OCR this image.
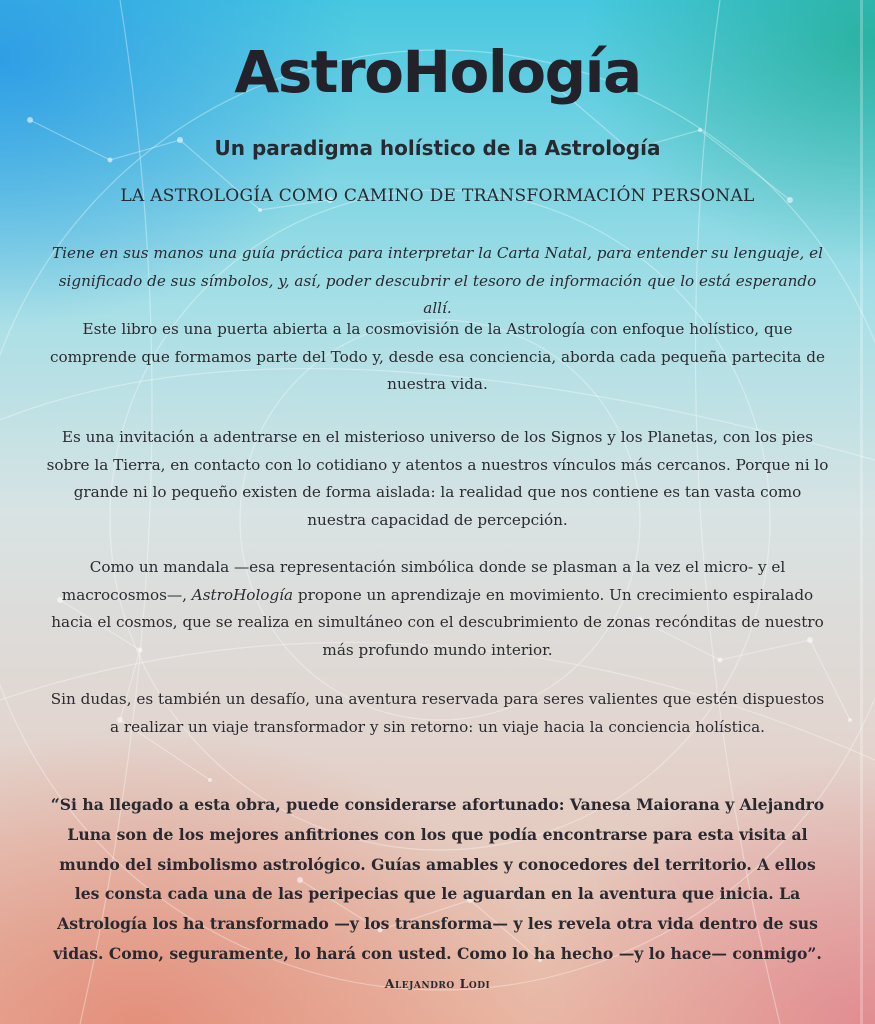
AstroHología
Un paradigma holístico de la Astrología
LA ASTROLOGÍA COMO CAMINO DE TRANSFORMACIÓN PERSONAL

Tiene en sus manos una guía práctica para interpretar la Carta Natal, para entender su lenguaje, el significado de sus símbolos, y, así, poder descubrir el tesoro de información que lo está esperando allí.

Este libro es una puerta abierta a la cosmovisión de la Astrología con enfoque holístico, que comprende que formamos parte del Todo y, desde esa conciencia, aborda cada pequeña partecita de nuestra vida.

Es una invitación a adentrarse en el misterioso universo de los Signos y los Planetas, con los pies sobre la Tierra, en contacto con lo cotidiano y atentos a nuestros vínculos más cercanos. Porque ni lo grande ni lo pequeño existen de forma aislada: la realidad que nos contiene es tan vasta como nuestra capacidad de percepción.

Como un mandala —esa representación simbólica donde se plasman a la vez el micro- y el macrocosmos—, AstroHología propone un aprendizaje en movimiento. Un crecimiento espiralado hacia el cosmos, que se realiza en simultáneo con el descubrimiento de zonas recónditas de nuestro más profundo mundo interior.

Sin dudas, es también un desafío, una aventura reservada para seres valientes que estén dispuestos a realizar un viaje transformador y sin retorno: un viaje hacia la conciencia holística.

“Si ha llegado a esta obra, puede considerarse afortunado: Vanesa Maiorana y Alejandro Luna son de los mejores anfitriones con los que podía encontrarse para esta visita al mundo del simbolismo astrológico. Guías amables y conocedores del territorio. A ellos les consta cada una de las peripecias que le aguardan en la aventura que inicia. La Astrología los ha transformado —y los transforma— y les revela otra vida dentro de sus vidas. Como, seguramente, lo hará con usted. Como lo ha hecho —y lo hace— conmigo”.

Alejandro Lodi
